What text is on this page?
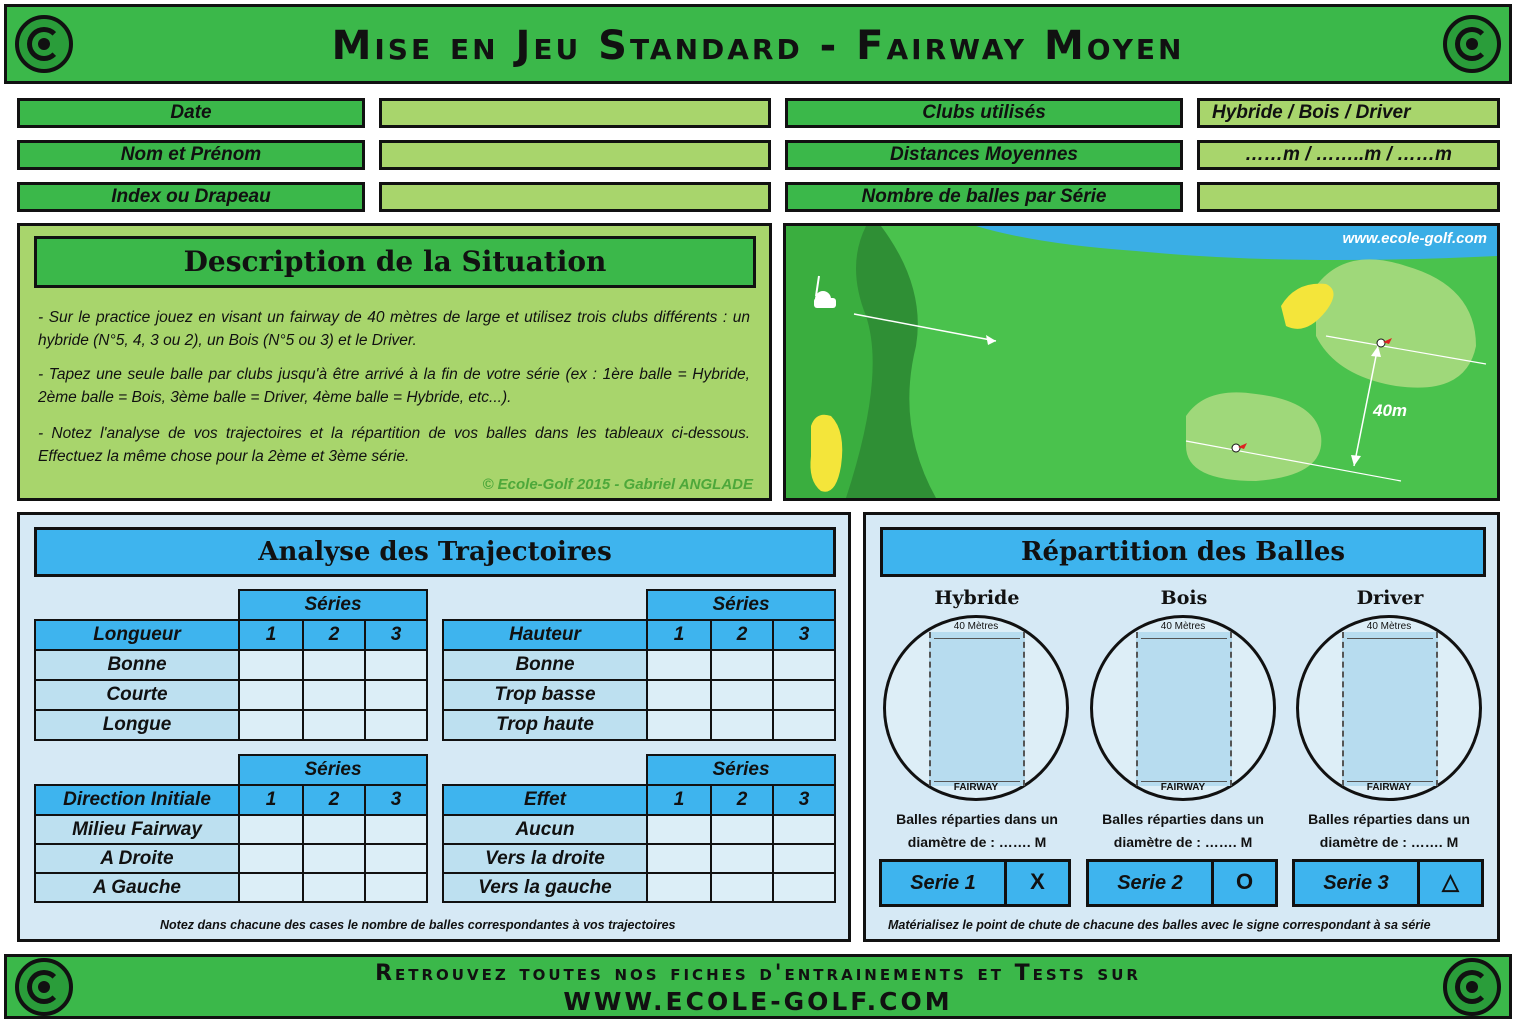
Mise en Jeu Standard - Fairway Moyen
Date
Nom et Prénom
Index ou Drapeau
Clubs utilisés	Hybride / Bois / Driver
Distances Moyennes	……m / ……..m / ……m
Nombre de balles par Série
Description de la Situation

- Sur le practice jouez en visant un fairway de 40 mètres de large et utilisez trois clubs différents : un hybride (N°5, 4, 3 ou 2), un Bois (N°5 ou 3) et le Driver.

- Tapez une seule balle par clubs jusqu'à être arrivé à la fin de votre série (ex : 1ère balle = Hybride, 2ème balle = Bois, 3ème balle = Driver, 4ème balle = Hybride, etc...).

- Notez l'analyse de vos trajectoires et la répartition de vos balles dans les tableaux ci-dessous. Effectuez la même chose pour la 2ème et 3ème série.

© Ecole-Golf 2015 - Gabriel ANGLADE
www.ecole-golf.com
40m
Analyse des Trajectoires
Séries
Longueur	1	2	3
Bonne
Courte
Longue
Séries
Hauteur	1	2	3
Bonne
Trop basse
Trop haute
Séries
Direction Initiale	1	2	3
Milieu Fairway
A Droite
A Gauche
Séries
Effet	1	2	3
Aucun
Vers la droite
Vers la gauche
Notez dans chacune des cases le nombre de balles correspondantes à vos trajectoires
Répartition des Balles
Hybride	Bois	Driver
40 Mètres
FAIRWAY
40 Mètres
FAIRWAY
40 Mètres
FAIRWAY
Balles réparties dans un
diamètre de : ……. M
Balles réparties dans un
diamètre de : ……. M
Balles réparties dans un
diamètre de : ……. M
Matérialisez le point de chute de chacune des balles avec le signe correspondant à sa série
Serie 1	X	Serie 2	O	Serie 3	△
Retrouvez toutes nos fiches d'entrainements et Tests sur
WWW.ECOLE-GOLF.COM
